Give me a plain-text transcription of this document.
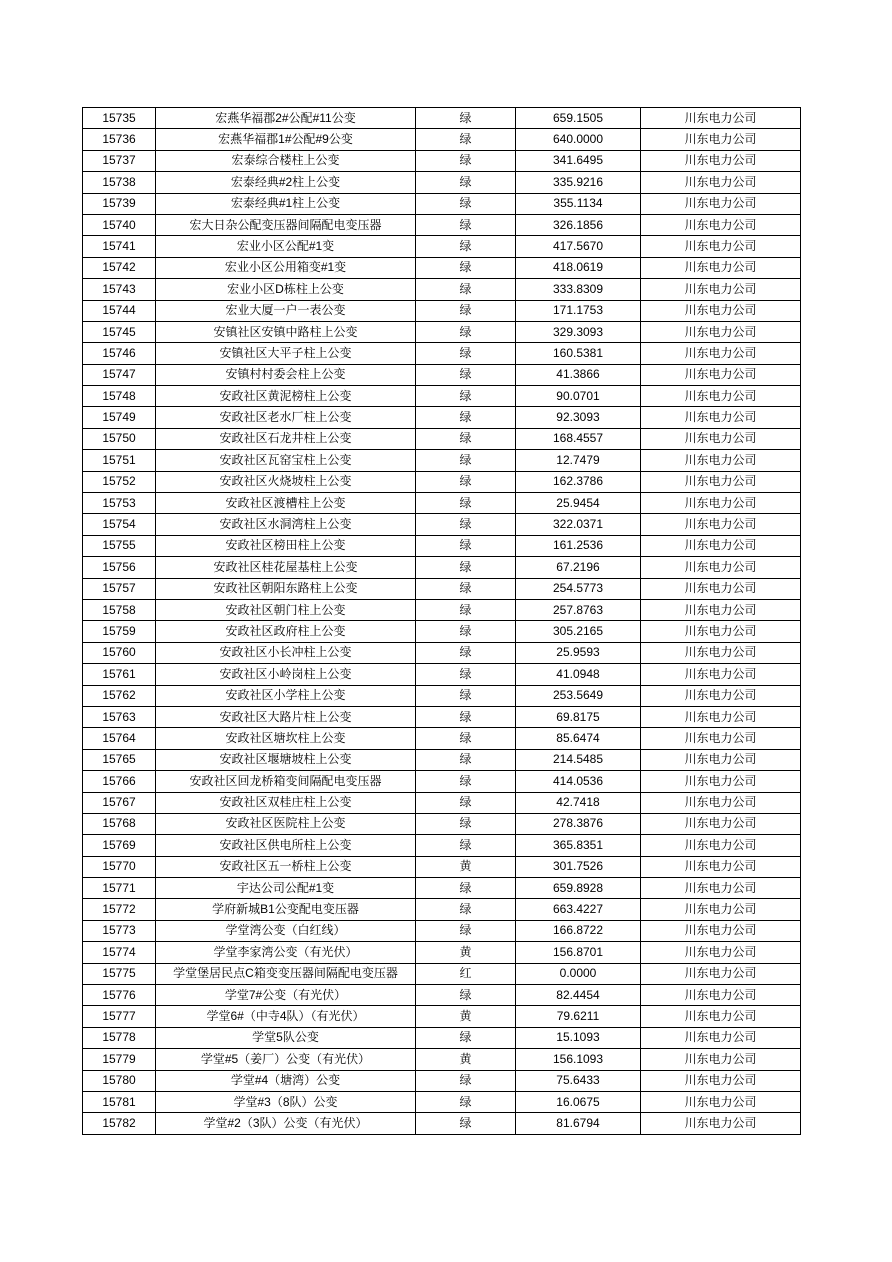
15735	宏燕华福郡2#公配#11公变	绿	659.1505	川东电力公司
15736	宏燕华福郡1#公配#9公变	绿	640.0000	川东电力公司
15737	宏泰综合楼柱上公变	绿	341.6495	川东电力公司
15738	宏泰经典#2柱上公变	绿	335.9216	川东电力公司
15739	宏泰经典#1柱上公变	绿	355.1134	川东电力公司
15740	宏大日杂公配变压器间隔配电变压器	绿	326.1856	川东电力公司
15741	宏业小区公配#1变	绿	417.5670	川东电力公司
15742	宏业小区公用箱变#1变	绿	418.0619	川东电力公司
15743	宏业小区D栋柱上公变	绿	333.8309	川东电力公司
15744	宏业大厦一户一表公变	绿	171.1753	川东电力公司
15745	安镇社区安镇中路柱上公变	绿	329.3093	川东电力公司
15746	安镇社区大平子柱上公变	绿	160.5381	川东电力公司
15747	安镇村村委会柱上公变	绿	41.3866	川东电力公司
15748	安政社区黄泥榜柱上公变	绿	90.0701	川东电力公司
15749	安政社区老水厂柱上公变	绿	92.3093	川东电力公司
15750	安政社区石龙井柱上公变	绿	168.4557	川东电力公司
15751	安政社区瓦窑宝柱上公变	绿	12.7479	川东电力公司
15752	安政社区火烧坡柱上公变	绿	162.3786	川东电力公司
15753	安政社区渡槽柱上公变	绿	25.9454	川东电力公司
15754	安政社区水洞湾柱上公变	绿	322.0371	川东电力公司
15755	安政社区榜田柱上公变	绿	161.2536	川东电力公司
15756	安政社区桂花屋基柱上公变	绿	67.2196	川东电力公司
15757	安政社区朝阳东路柱上公变	绿	254.5773	川东电力公司
15758	安政社区朝门柱上公变	绿	257.8763	川东电力公司
15759	安政社区政府柱上公变	绿	305.2165	川东电力公司
15760	安政社区小长冲柱上公变	绿	25.9593	川东电力公司
15761	安政社区小岭岗柱上公变	绿	41.0948	川东电力公司
15762	安政社区小学柱上公变	绿	253.5649	川东电力公司
15763	安政社区大路片柱上公变	绿	69.8175	川东电力公司
15764	安政社区塘坎柱上公变	绿	85.6474	川东电力公司
15765	安政社区堰塘坡柱上公变	绿	214.5485	川东电力公司
15766	安政社区回龙桥箱变间隔配电变压器	绿	414.0536	川东电力公司
15767	安政社区双桂庄柱上公变	绿	42.7418	川东电力公司
15768	安政社区医院柱上公变	绿	278.3876	川东电力公司
15769	安政社区供电所柱上公变	绿	365.8351	川东电力公司
15770	安政社区五一桥柱上公变	黄	301.7526	川东电力公司
15771	宇达公司公配#1变	绿	659.8928	川东电力公司
15772	学府新城B1公变配电变压器	绿	663.4227	川东电力公司
15773	学堂湾公变（白红线）	绿	166.8722	川东电力公司
15774	学堂李家湾公变（有光伏）	黄	156.8701	川东电力公司
15775	学堂堡居民点C箱变变压器间隔配电变压器	红	0.0000	川东电力公司
15776	学堂7#公变（有光伏）	绿	82.4454	川东电力公司
15777	学堂6#（中寺4队）（有光伏）	黄	79.6211	川东电力公司
15778	学堂5队公变	绿	15.1093	川东电力公司
15779	学堂#5（姜厂）公变（有光伏）	黄	156.1093	川东电力公司
15780	学堂#4（塘湾）公变	绿	75.6433	川东电力公司
15781	学堂#3（8队）公变	绿	16.0675	川东电力公司
15782	学堂#2（3队）公变（有光伏）	绿	81.6794	川东电力公司
